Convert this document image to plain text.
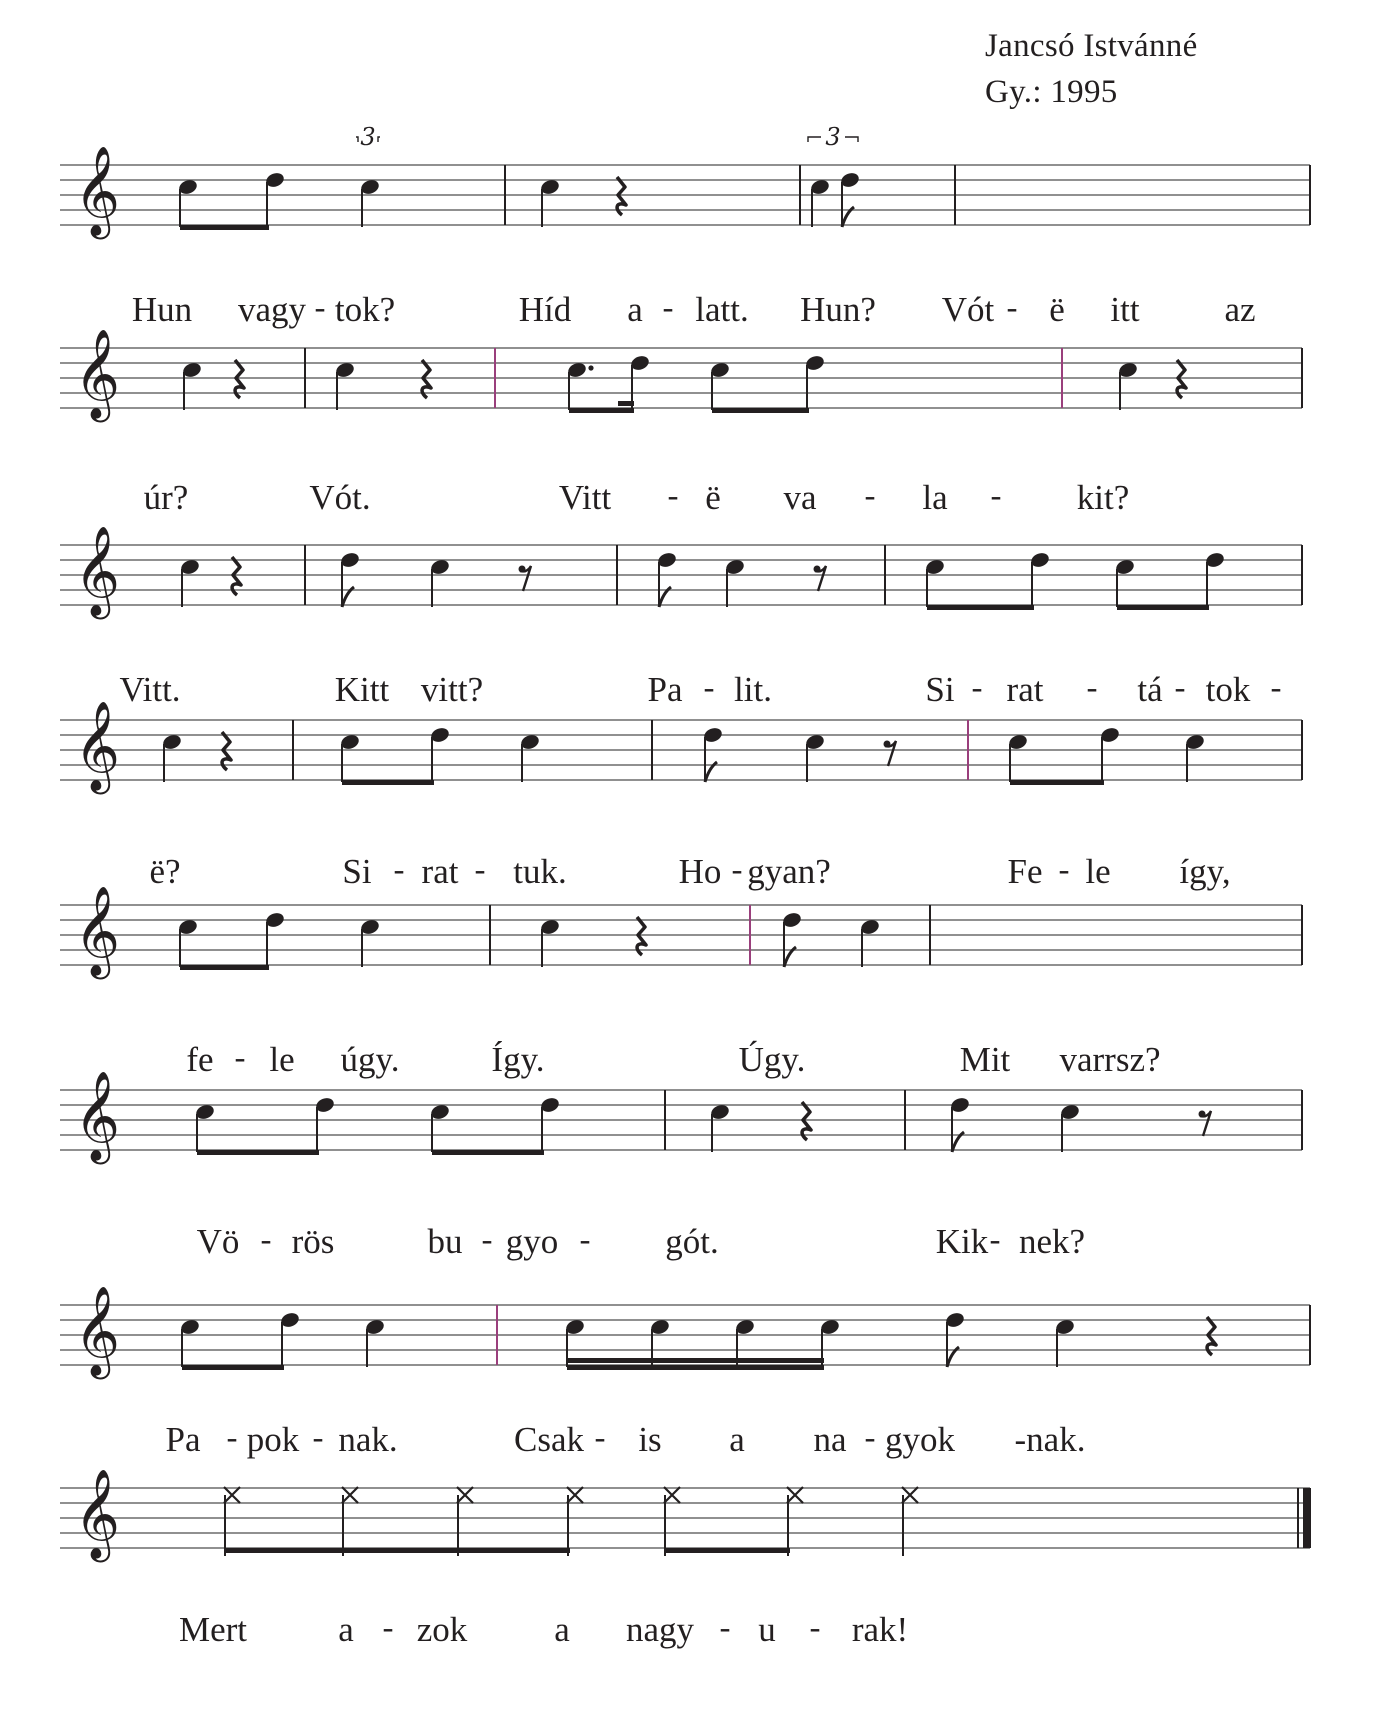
Jancsó Istvánné
Gy.: 1995
𝄞
3	3
𝄞
𝄞
𝄞
𝄞
𝄞
𝄞
𝄞
Hun vagy - tok?	Híd a - latt. Hun? Vót - ë itt az
úr?	Vót.	Vitt - ë va - la - kit?
Vitt.	Kitt vitt?	Pa - lit.	Si - rat - tá - tok -
ë?	Si - rat - tuk.	Ho - gyan?	Fe - le így,
fe - le úgy.	Így.	Úgy.	Mit varrsz?
Vö - rös	bu - gyo - gót.	Kik - nek?
Pa - pok - nak.	Csak - is a na - gyok -nak.
Mert	a - zok a nagy - u - rak!
